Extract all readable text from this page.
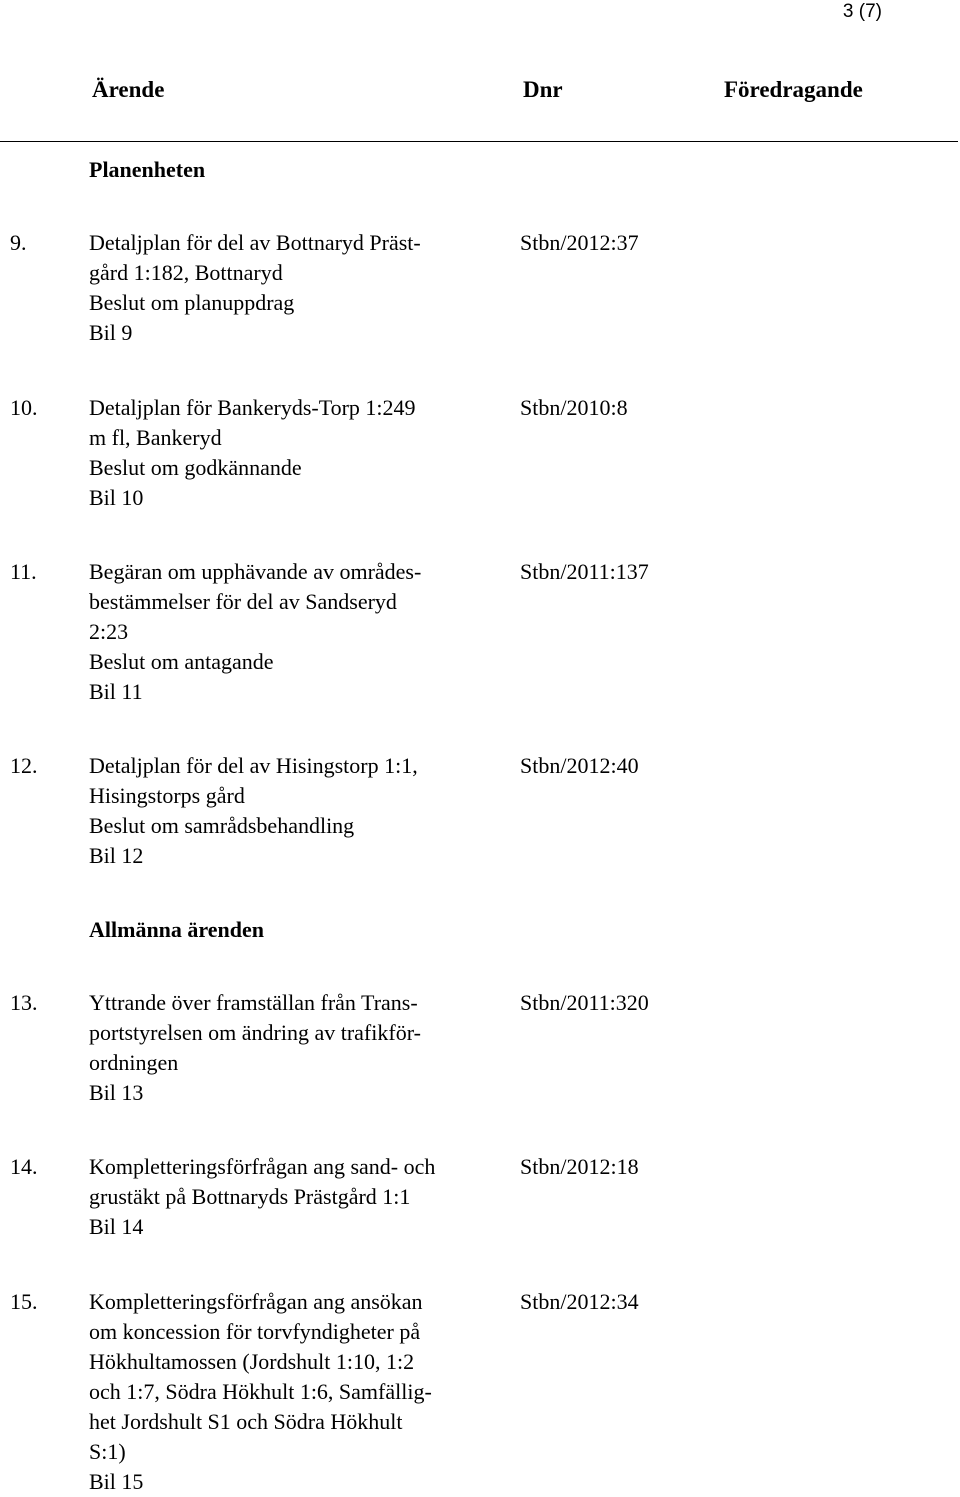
3 (7)
Ärende	Dnr	Föredragande
Planenheten
9.	Detaljplan för del av Bottnaryd Präst-
gård 1:182, Bottnaryd
Beslut om planuppdrag
Bil 9
Stbn/2012:37
10. Detaljplan för Bankeryds-Torp 1:249
m fl, Bankeryd
Beslut om godkännande
Bil 10
Stbn/2010:8
11. Begäran om upphävande av områdes-
bestämmelser för del av Sandseryd
2:23
Beslut om antagande
Bil 11
Stbn/2011:137
12. Detaljplan för del av Hisingstorp 1:1,
Hisingstorps gård
Beslut om samrådsbehandling
Bil 12
Stbn/2012:40
Allmänna ärenden
13. Yttrande över framställan från Trans-
portstyrelsen om ändring av trafikför-
ordningen
Bil 13
Stbn/2011:320
14. Kompletteringsförfrågan ang sand- och
grustäkt på Bottnaryds Prästgård 1:1
Bil 14
Stbn/2012:18
15. Kompletteringsförfrågan ang ansökan
om koncession för torvfyndigheter på
Hökhultamossen (Jordshult 1:10, 1:2
och 1:7, Södra Hökhult 1:6, Samfällig-
het Jordshult S1 och Södra Hökhult
S:1)
Bil 15
Stbn/2012:34
